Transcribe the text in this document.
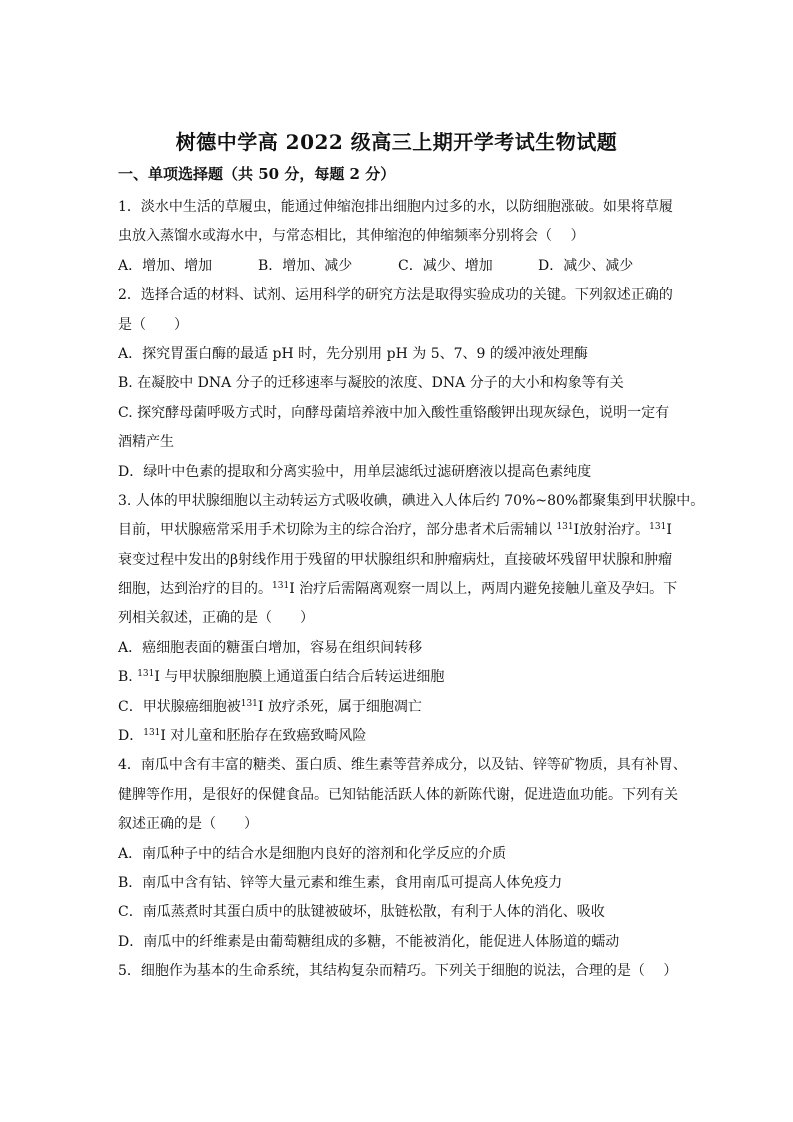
树德中学高 2022 级高三上期开学考试生物试题
一、单项选择题（共 50 分，每题 2 分）
1．淡水中生活的草履虫，能通过伸缩泡排出细胞内过多的水，以防细胞涨破。如果将草履
虫放入蒸馏水或海水中，与常态相比，其伸缩泡的伸缩频率分别将会（　 ）
A．增加、增加	B．增加、减少	C．减少、增加	D．减少、减少
2．选择合适的材料、试剂、运用科学的研究方法是取得实验成功的关键。下列叙述正确的
是（　　）
A．探究胃蛋白酶的最适 pH 时，先分别用 pH 为 5、7、9 的缓冲液处理酶
B. 在凝胶中 DNA 分子的迁移速率与凝胶的浓度、DNA 分子的大小和构象等有关
C. 探究酵母菌呼吸方式时，向酵母菌培养液中加入酸性重铬酸钾出现灰绿色，说明一定有
酒精产生
D．绿叶中色素的提取和分离实验中，用单层滤纸过滤研磨液以提高色素纯度
3. 人体的甲状腺细胞以主动转运方式吸收碘，碘进入人体后约 70%~80%都聚集到甲状腺中。
目前，甲状腺癌常采用手术切除为主的综合治疗，部分患者术后需辅以 $^{131}$I放射治疗。$^{131}$I
衰变过程中发出的β射线作用于残留的甲状腺组织和肿瘤病灶，直接破坏残留甲状腺和肿瘤
细胞，达到治疗的目的。$^{131}$I 治疗后需隔离观察一周以上，两周内避免接触儿童及孕妇。下
列相关叙述，正确的是（　　）
A．癌细胞表面的糖蛋白增加，容易在组织间转移
B. $^{131}$I 与甲状腺细胞膜上通道蛋白结合后转运进细胞
C．甲状腺癌细胞被$^{131}$I 放疗杀死，属于细胞凋亡
D．$^{131}$I 对儿童和胚胎存在致癌致畸风险
4．南瓜中含有丰富的糖类、蛋白质、维生素等营养成分，以及钴、锌等矿物质，具有补胃、
健脾等作用，是很好的保健食品。已知钴能活跃人体的新陈代谢，促进造血功能。下列有关
叙述正确的是（　　）
A．南瓜种子中的结合水是细胞内良好的溶剂和化学反应的介质
B．南瓜中含有钴、锌等大量元素和维生素，食用南瓜可提高人体免疫力
C．南瓜蒸煮时其蛋白质中的肽键被破坏，肽链松散，有利于人体的消化、吸收
D．南瓜中的纤维素是由葡萄糖组成的多糖，不能被消化，能促进人体肠道的蠕动
5．细胞作为基本的生命系统，其结构复杂而精巧。下列关于细胞的说法，合理的是（　 ）
